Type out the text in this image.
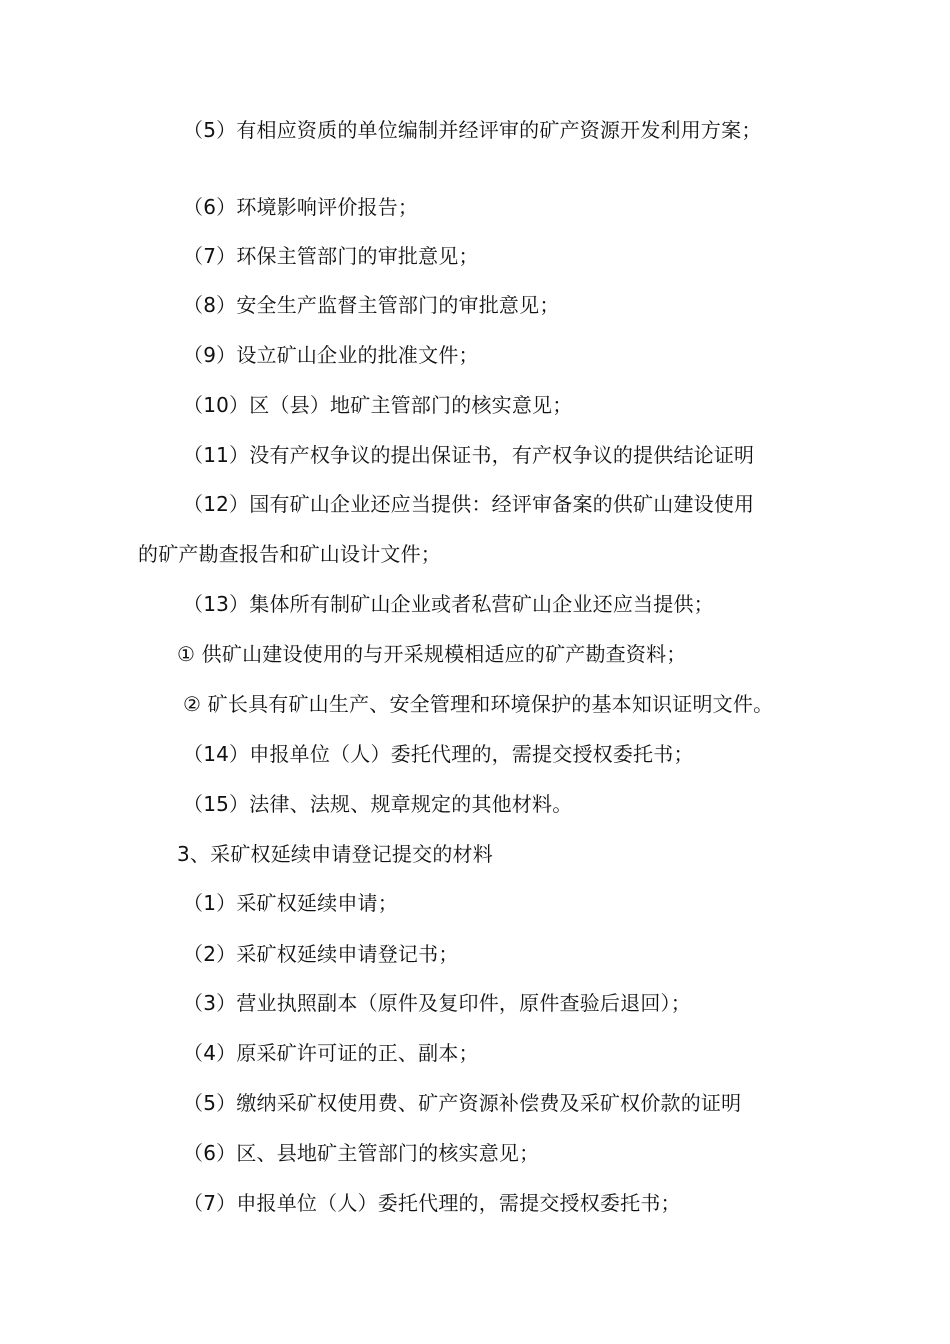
（5）有相应资质的单位编制并经评审的矿产资源开发利用方案；
（6）环境影响评价报告；
（7）环保主管部门的审批意见；
（8）安全生产监督主管部门的审批意见；
（9）设立矿山企业的批准文件；
（10）区（县）地矿主管部门的核实意见；
（11）没有产权争议的提出保证书，有产权争议的提供结论证明
（12）国有矿山企业还应当提供：经评审备案的供矿山建设使用
的矿产勘查报告和矿山设计文件；
（13）集体所有制矿山企业或者私营矿山企业还应当提供；
① 供矿山建设使用的与开采规模相适应的矿产勘查资料；
② 矿长具有矿山生产、安全管理和环境保护的基本知识证明文件。
（14）申报单位（人）委托代理的，需提交授权委托书；
（15）法律、法规、规章规定的其他材料。
3、采矿权延续申请登记提交的材料
（1）采矿权延续申请；
（2）采矿权延续申请登记书；
（3）营业执照副本（原件及复印件，原件查验后退回）；
（4）原采矿许可证的正、副本；
（5）缴纳采矿权使用费、矿产资源补偿费及采矿权价款的证明
（6）区、县地矿主管部门的核实意见；
（7）申报单位（人）委托代理的，需提交授权委托书；
